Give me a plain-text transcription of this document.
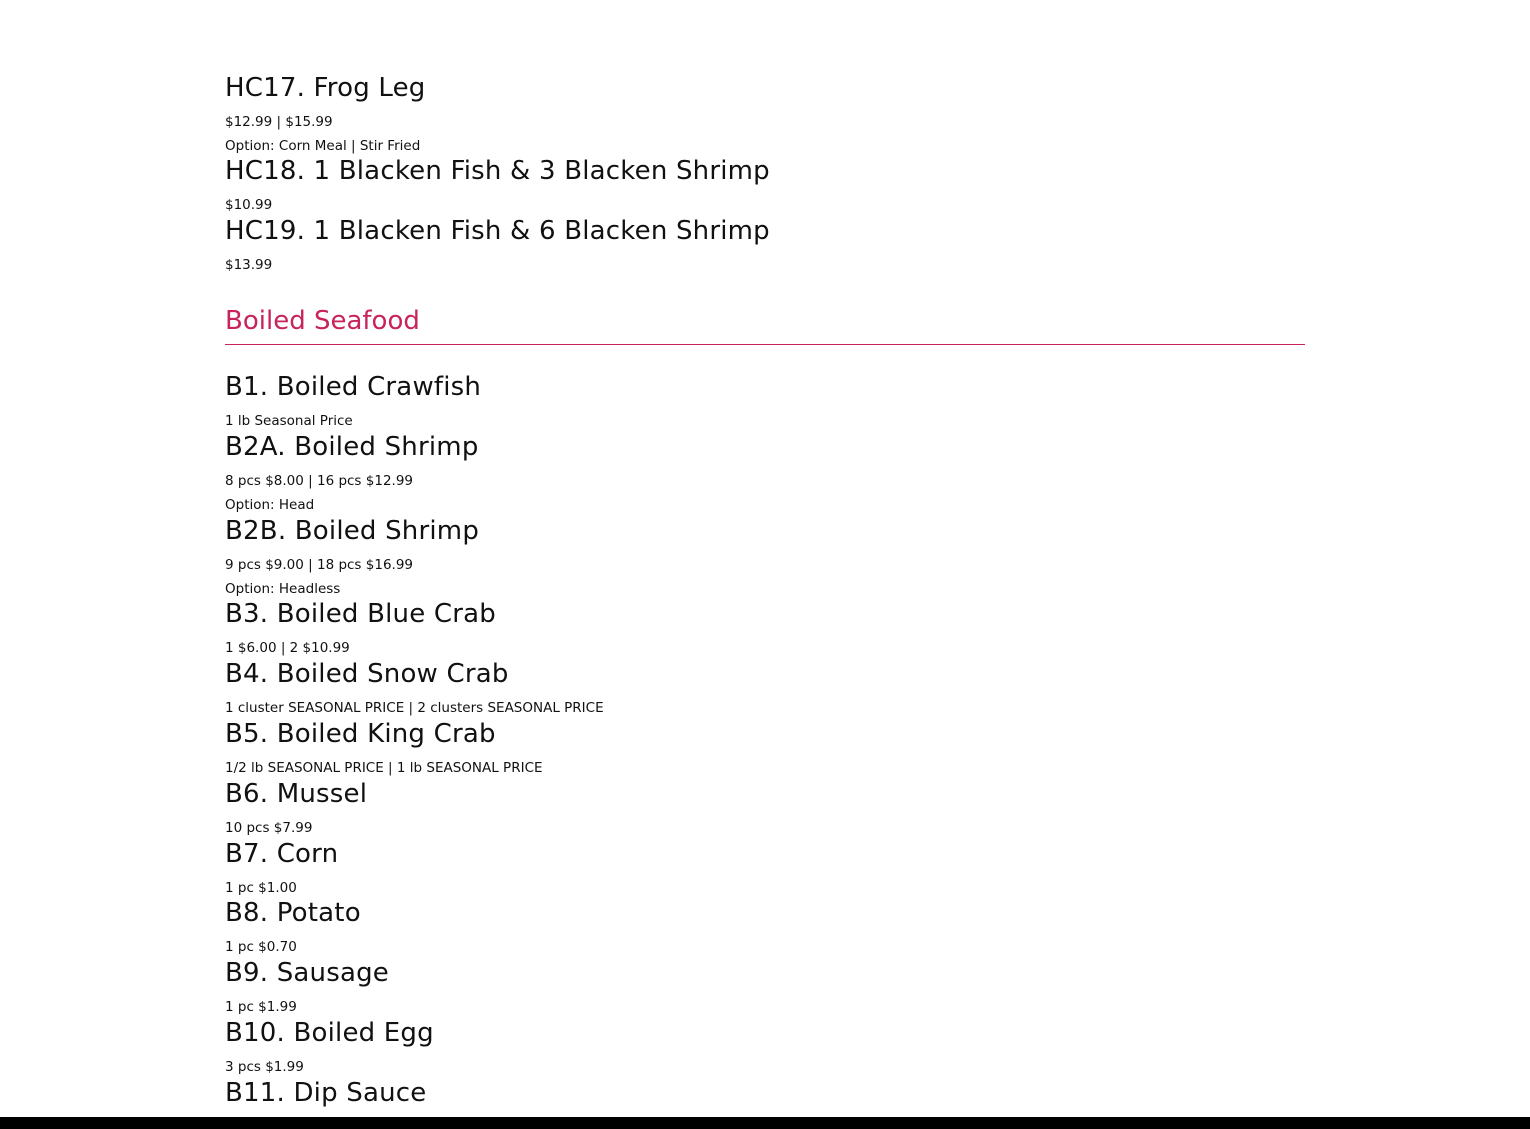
HC17. Frog Leg

$12.99 | $15.99

Option: Corn Meal | Stir Fried

HC18. 1 Blacken Fish & 3 Blacken Shrimp

$10.99

HC19. 1 Blacken Fish & 6 Blacken Shrimp

$13.99

Boiled Seafood
B1. Boiled Crawfish

1 lb Seasonal Price

B2A. Boiled Shrimp

8 pcs $8.00 | 16 pcs $12.99

Option: Head

B2B. Boiled Shrimp

9 pcs $9.00 | 18 pcs $16.99

Option: Headless

B3. Boiled Blue Crab

1 $6.00 | 2 $10.99

B4. Boiled Snow Crab

1 cluster SEASONAL PRICE | 2 clusters SEASONAL PRICE

B5. Boiled King Crab

1/2 lb SEASONAL PRICE | 1 lb SEASONAL PRICE

B6. Mussel

10 pcs $7.99

B7. Corn

1 pc $1.00

B8. Potato

1 pc $0.70

B9. Sausage

1 pc $1.99

B10. Boiled Egg

3 pcs $1.99

B11. Dip Sauce
